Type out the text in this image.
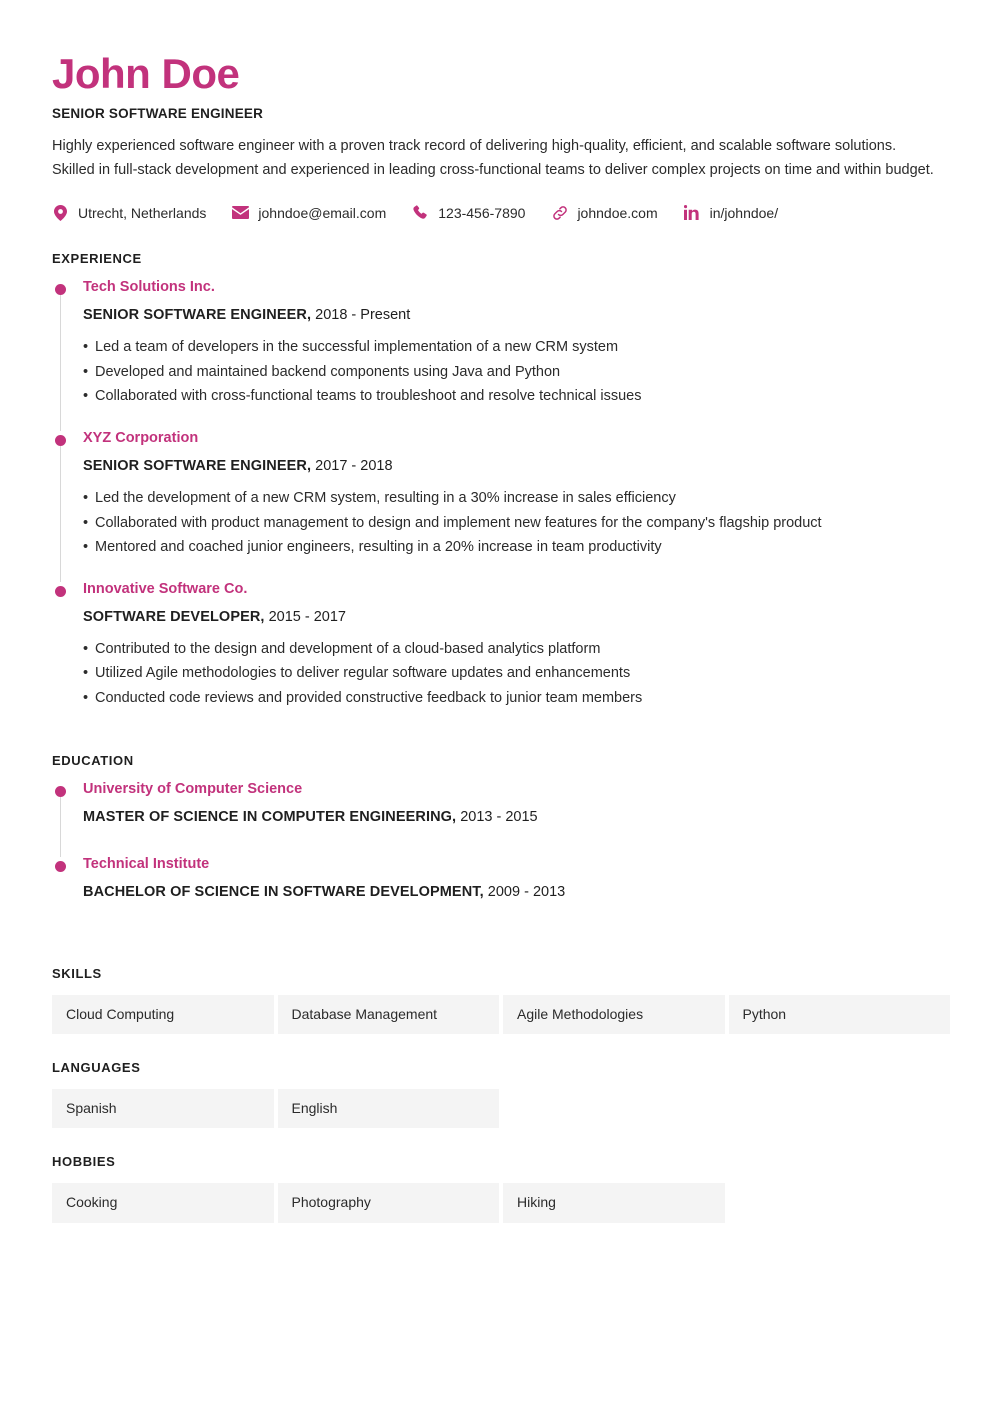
John Doe
SENIOR SOFTWARE ENGINEER

Highly experienced software engineer with a proven track record of delivering high-quality, efficient, and scalable software solutions. Skilled in full-stack development and experienced in leading cross-functional teams to deliver complex projects on time and within budget.

Utrecht, Netherlands	johndoe@email.com	123-456-7890	johndoe.com	in/johndoe/
EXPERIENCE
Tech Solutions Inc.
SENIOR SOFTWARE ENGINEER, 2018 - Present
• Led a team of developers in the successful implementation of a new CRM system
• Developed and maintained backend components using Java and Python
• Collaborated with cross-functional teams to troubleshoot and resolve technical issues
XYZ Corporation
SENIOR SOFTWARE ENGINEER, 2017 - 2018
• Led the development of a new CRM system, resulting in a 30% increase in sales efficiency
• Collaborated with product management to design and implement new features for the company's flagship product
• Mentored and coached junior engineers, resulting in a 20% increase in team productivity
Innovative Software Co.
SOFTWARE DEVELOPER, 2015 - 2017
• Contributed to the design and development of a cloud-based analytics platform
• Utilized Agile methodologies to deliver regular software updates and enhancements
• Conducted code reviews and provided constructive feedback to junior team members
EDUCATION
University of Computer Science
MASTER OF SCIENCE IN COMPUTER ENGINEERING, 2013 - 2015
Technical Institute
BACHELOR OF SCIENCE IN SOFTWARE DEVELOPMENT, 2009 - 2013
SKILLS
Cloud Computing	Database Management	Agile Methodologies	Python
LANGUAGES
Spanish	English
HOBBIES
Cooking	Photography	Hiking
